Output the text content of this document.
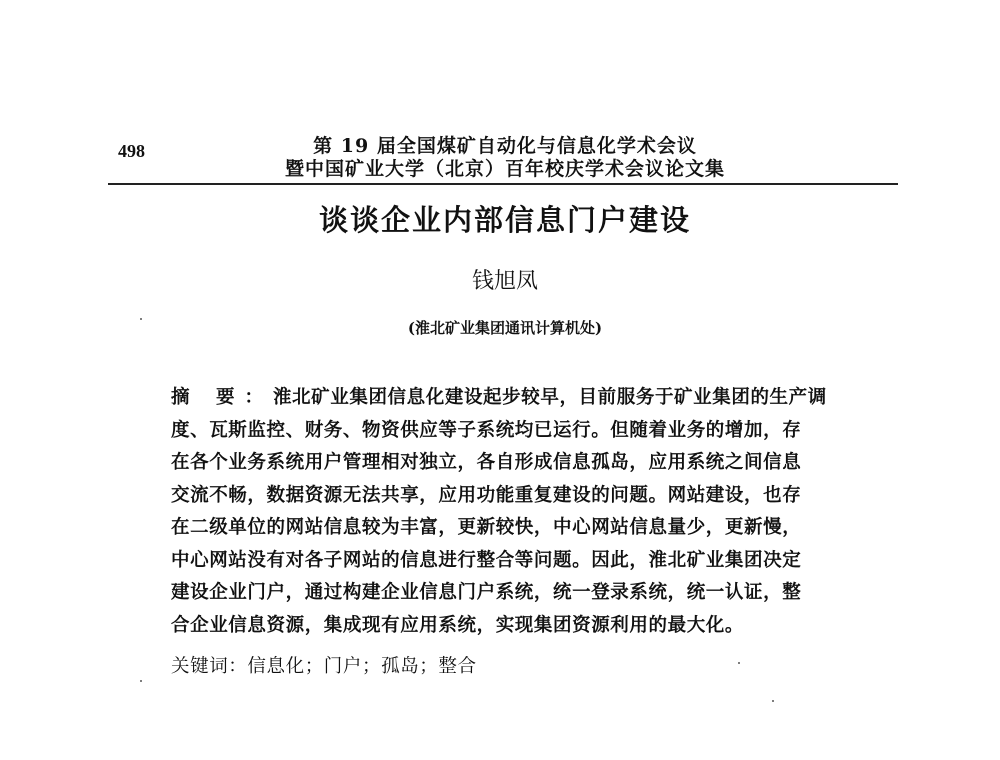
498	第 19 届全国煤矿自动化与信息化学术会议
暨中国矿业大学（北京）百年校庆学术会议论文集
谈谈企业内部信息门户建设
钱旭凤
(淮北矿业集团通讯计算机处)
摘 要：淮北矿业集团信息化建设起步较早，目前服务于矿业集团的生产调
度、瓦斯监控、财务、物资供应等子系统均已运行。但随着业务的增加，存
在各个业务系统用户管理相对独立，各自形成信息孤岛，应用系统之间信息
交流不畅，数据资源无法共享，应用功能重复建设的问题。网站建设，也存
在二级单位的网站信息较为丰富，更新较快，中心网站信息量少，更新慢，
中心网站没有对各子网站的信息进行整合等问题。因此，淮北矿业集团决定
建设企业门户，通过构建企业信息门户系统，统一登录系统，统一认证，整
合企业信息资源，集成现有应用系统，实现集团资源利用的最大化。
关键词：信息化；门户；孤岛；整合
